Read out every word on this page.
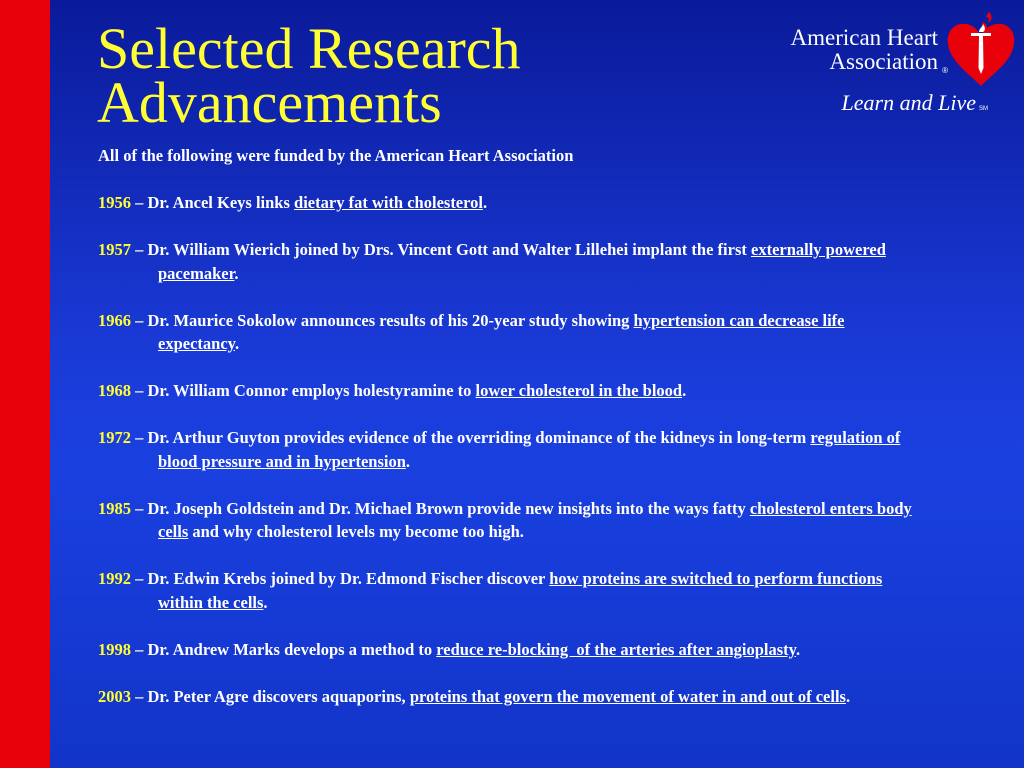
Selected Research
Advancements
American Heart
Association ®
Learn and Live SM
All of the following were funded by the American Heart Association
1956 – Dr. Ancel Keys links dietary fat with cholesterol.
1957 – Dr. William Wierich joined by Drs. Vincent Gott and Walter Lillehei implant the first externally powered pacemaker.
1966 – Dr. Maurice Sokolow announces results of his 20-year study showing hypertension can decrease life expectancy.
1968 – Dr. William Connor employs holestyramine to lower cholesterol in the blood.
1972 – Dr. Arthur Guyton provides evidence of the overriding dominance of the kidneys in long-term regulation of blood pressure and in hypertension.
1985 – Dr. Joseph Goldstein and Dr. Michael Brown provide new insights into the ways fatty cholesterol enters body cells and why cholesterol levels my become too high.
1992 – Dr. Edwin Krebs joined by Dr. Edmond Fischer discover how proteins are switched to perform functions within the cells.
1998 – Dr. Andrew Marks develops a method to reduce re-blocking  of the arteries after angioplasty.
2003 – Dr. Peter Agre discovers aquaporins, proteins that govern the movement of water in and out of cells.
